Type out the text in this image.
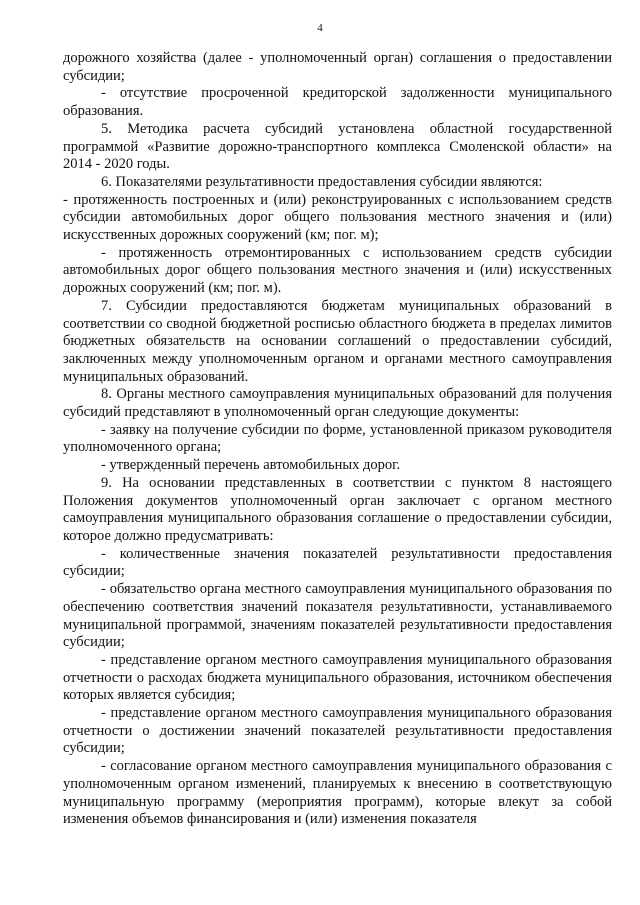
4

дорожного хозяйства (далее - уполномоченный орган) соглашения о предоставлении субсидии;

- отсутствие просроченной кредиторской задолженности муниципального образования.

5. Методика расчета субсидий установлена областной государственной программой «Развитие дорожно-транспортного комплекса Смоленской области» на 2014 - 2020 годы.

6. Показателями результативности предоставления субсидии являются:

- протяженность построенных и (или) реконструированных с использованием средств субсидии автомобильных дорог общего пользования местного значения и (или) искусственных дорожных сооружений (км; пог. м);

- протяженность отремонтированных с использованием средств субсидии автомобильных дорог общего пользования местного значения и (или) искусственных дорожных сооружений (км; пог. м).

7. Субсидии предоставляются бюджетам муниципальных образований в соответствии со сводной бюджетной росписью областного бюджета в пределах лимитов бюджетных обязательств на основании соглашений о предоставлении субсидий, заключенных между уполномоченным органом и органами местного самоуправления муниципальных образований.

8. Органы местного самоуправления муниципальных образований для получения субсидий представляют в уполномоченный орган следующие документы:

- заявку на получение субсидии по форме, установленной приказом руководителя уполномоченного органа;

- утвержденный перечень автомобильных дорог.

9. На основании представленных в соответствии с пунктом 8 настоящего Положения документов уполномоченный орган заключает с органом местного самоуправления муниципального образования соглашение о предоставлении субсидии, которое должно предусматривать:

- количественные значения показателей результативности предоставления субсидии;

- обязательство органа местного самоуправления муниципального образования по обеспечению соответствия значений показателя результативности, устанавливаемого муниципальной программой, значениям показателей результативности предоставления субсидии;

- представление органом местного самоуправления муниципального образования отчетности о расходах бюджета муниципального образования, источником обеспечения которых является субсидия;

- представление органом местного самоуправления муниципального образования отчетности о достижении значений показателей результативности предоставления субсидии;

- согласование органом местного самоуправления муниципального образования с уполномоченным органом изменений, планируемых к внесению в соответствующую муниципальную программу (мероприятия программ), которые влекут за собой изменения объемов финансирования и (или) изменения показателя
